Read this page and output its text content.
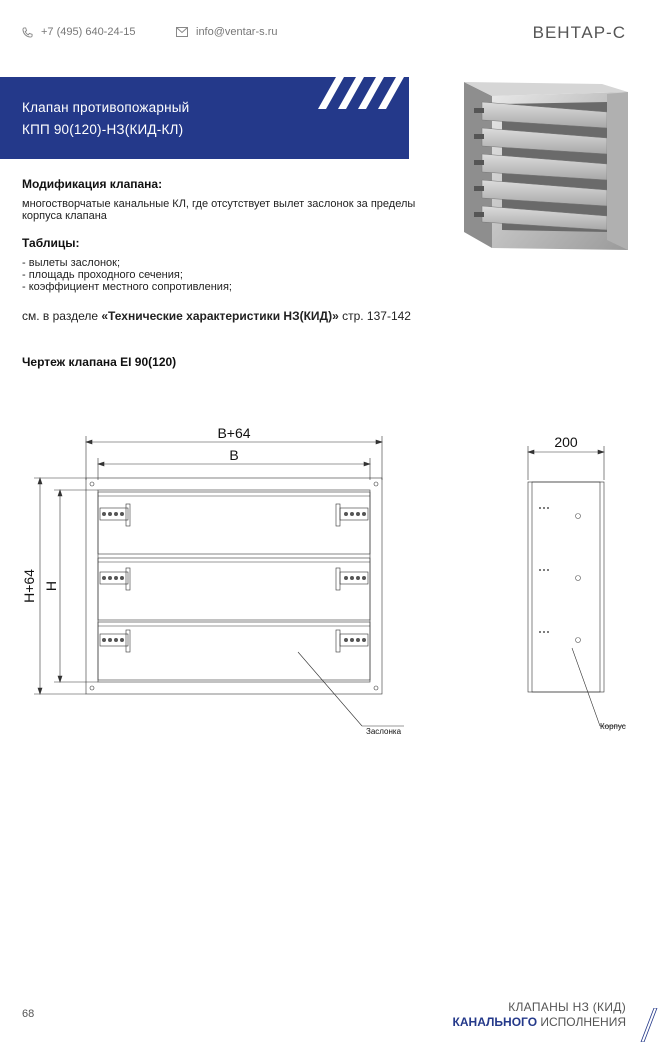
+7 (495) 640-24-15	info@ventar-s.ru	ВЕНТАР-С
Клапан противопожарный
КПП 90(120)-НЗ(КИД-КЛ)
Модификация клапана:
многостворчатые канальные КЛ, где отсутствует вылет заслонок за пределы корпуса клапана
Таблицы:
- вылеты заслонок;
- площадь проходного сечения;
- коэффициент местного сопротивления;
см. в разделе «Технические характеристики НЗ(КИД)» стр. 137-142
Чертеж клапана EI 90(120)
B+64
B
H+64 H
200
Заслонка
Корпус
68	КЛАПАНЫ НЗ (КИД)
КАНАЛЬНОГО ИСПОЛНЕНИЯ
